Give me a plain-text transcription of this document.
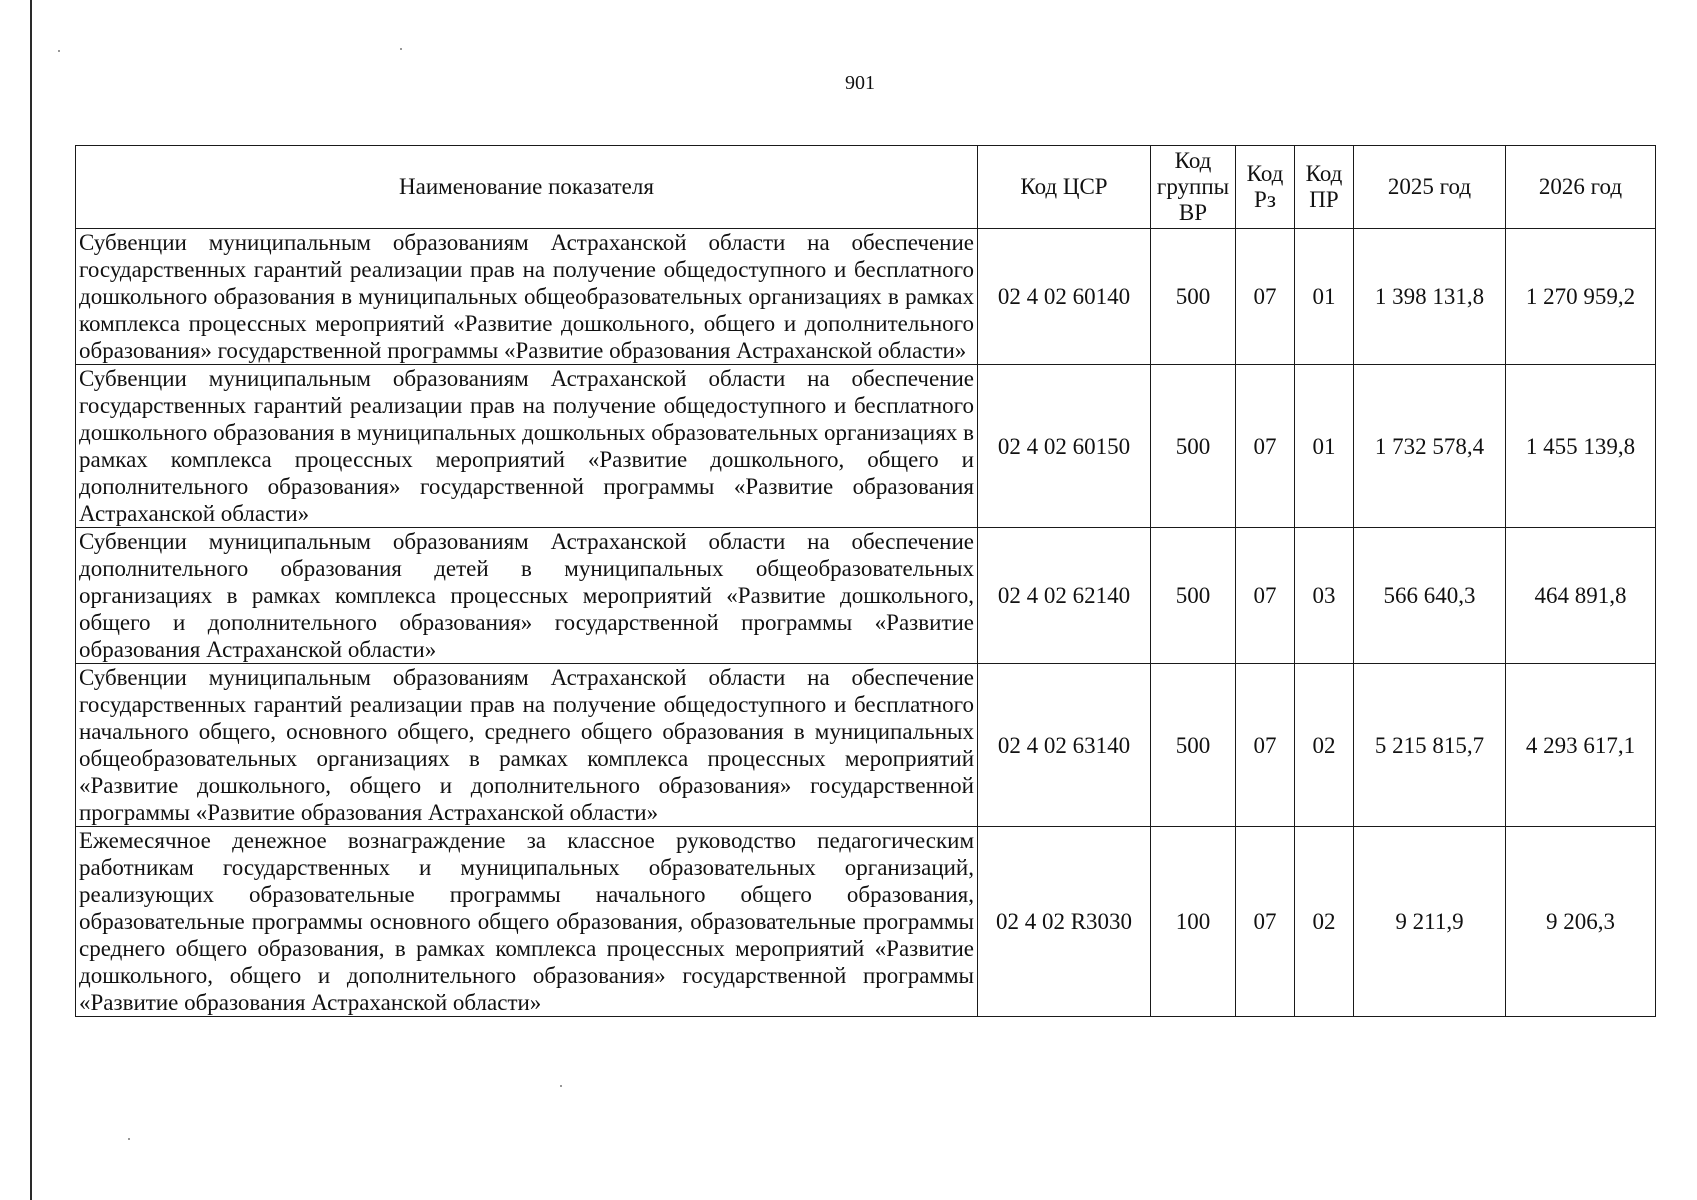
901
Наименование показателя	Код ЦСР	Код группы ВР	Код Рз	Код ПР	2025 год	2026 год
Субвенции муниципальным образованиям Астраханской области на обеспечение государственных гарантий реализации прав на получение общедоступного и бесплатного дошкольного образования в муниципальных общеобразовательных организациях в рамках комплекса процессных мероприятий «Развитие дошкольного, общего и дополнительного образования» государственной программы «Развитие образования Астраханской области»	02 4 02 60140	500	07	01	1 398 131,8	1 270 959,2
Субвенции муниципальным образованиям Астраханской области на обеспечение государственных гарантий реализации прав на получение общедоступного и бесплатного дошкольного образования в муниципальных дошкольных образовательных организациях в рамках комплекса процессных мероприятий «Развитие дошкольного, общего и дополнительного образования» государственной программы «Развитие образования Астраханской области»	02 4 02 60150	500	07	01	1 732 578,4	1 455 139,8
Субвенции муниципальным образованиям Астраханской области на обеспечение дополнительного образования детей в муниципальных общеобразовательных организациях в рамках комплекса процессных мероприятий «Развитие дошкольного, общего и дополнительного образования» государственной программы «Развитие образования Астраханской области»	02 4 02 62140	500	07	03	566 640,3	464 891,8
Субвенции муниципальным образованиям Астраханской области на обеспечение государственных гарантий реализации прав на получение общедоступного и бесплатного начального общего, основного общего, среднего общего образования в муниципальных общеобразовательных организациях в рамках комплекса процессных мероприятий «Развитие дошкольного, общего и дополнительного образования» государственной программы «Развитие образования Астраханской области»	02 4 02 63140	500	07	02	5 215 815,7	4 293 617,1
Ежемесячное денежное вознаграждение за классное руководство педагогическим работникам государственных и муниципальных образовательных организаций, реализующих образовательные программы начального общего образования, образовательные программы основного общего образования, образовательные программы среднего общего образования, в рамках комплекса процессных мероприятий «Развитие дошкольного, общего и дополнительного образования» государственной программы «Развитие образования Астраханской области»	02 4 02 R3030	100	07	02	9 211,9	9 206,3
